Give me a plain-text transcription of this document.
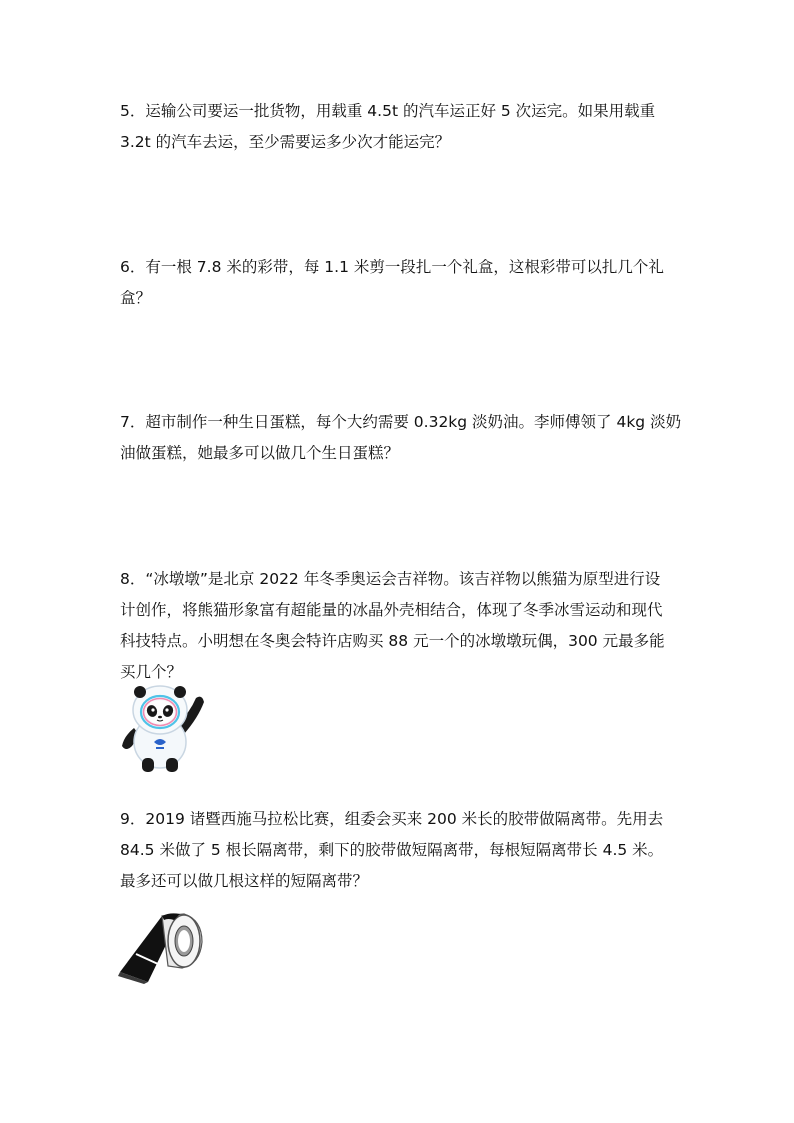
5．运输公司要运一批货物，用载重 4.5t 的汽车运正好 5 次运完。如果用载重

3.2t 的汽车去运，至少需要运多少次才能运完？

6．有一根 7.8 米的彩带，每 1.1 米剪一段扎一个礼盒，这根彩带可以扎几个礼

盒？

7．超市制作一种生日蛋糕，每个大约需要 0.32kg 淡奶油。李师傅领了 4kg 淡奶

油做蛋糕，她最多可以做几个生日蛋糕？

8．“冰墩墩”是北京 2022 年冬季奥运会吉祥物。该吉祥物以熊猫为原型进行设

计创作，将熊猫形象富有超能量的冰晶外壳相结合，体现了冬季冰雪运动和现代

科技特点。小明想在冬奥会特许店购买 88 元一个的冰墩墩玩偶，300 元最多能

买几个？

9．2019 诸暨西施马拉松比赛，组委会买来 200 米长的胶带做隔离带。先用去

84.5 米做了 5 根长隔离带，剩下的胶带做短隔离带，每根短隔离带长 4.5 米。

最多还可以做几根这样的短隔离带？
